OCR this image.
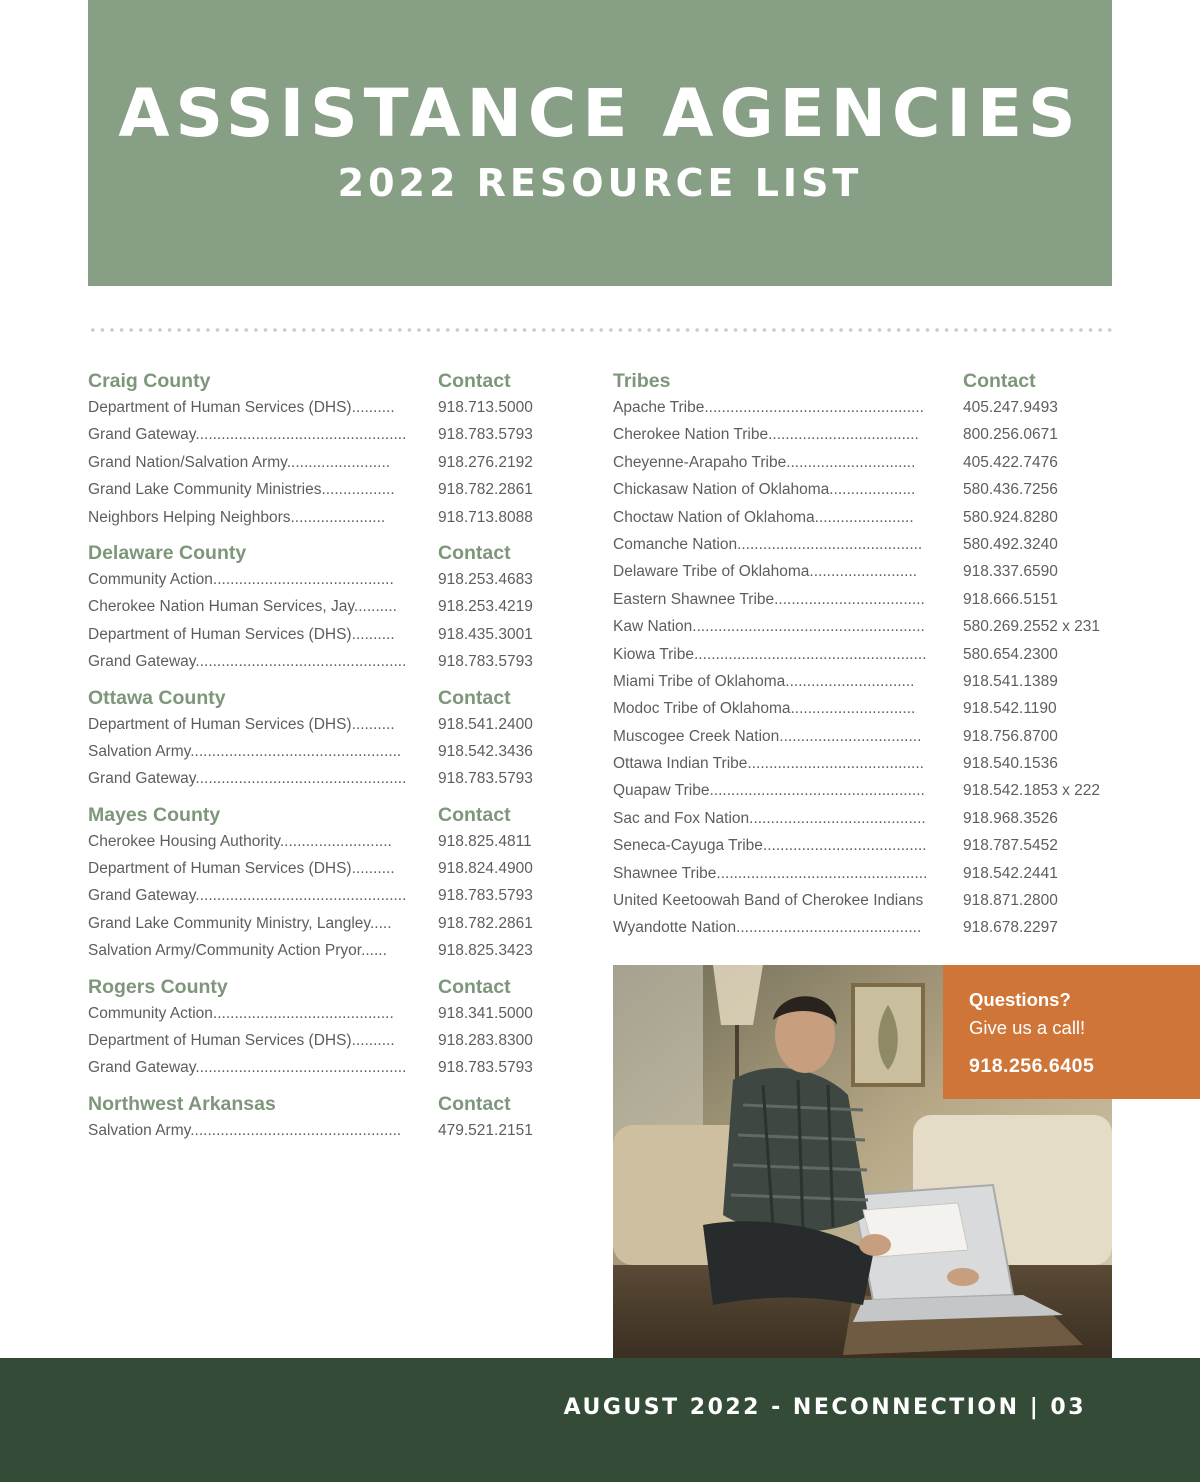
ASSISTANCE AGENCIES
2022 RESOURCE LIST
Craig County	Contact
Department of Human Services (DHS)..........	918.713.5000
Grand Gateway.................................................	918.783.5793
Grand Nation/Salvation Army........................	918.276.2192
Grand Lake Community Ministries.................	918.782.2861
Neighbors Helping Neighbors......................	918.713.8088
Delaware County	Contact
Community Action..........................................	918.253.4683
Cherokee Nation Human Services, Jay..........	918.253.4219
Department of Human Services (DHS)..........	918.435.3001
Grand Gateway.................................................	918.783.5793
Ottawa County	Contact
Department of Human Services (DHS)..........	918.541.2400
Salvation Army.................................................	918.542.3436
Grand Gateway.................................................	918.783.5793
Mayes County	Contact
Cherokee Housing Authority..........................	918.825.4811
Department of Human Services (DHS)..........	918.824.4900
Grand Gateway.................................................	918.783.5793
Grand Lake Community Ministry, Langley.....	918.782.2861
Salvation Army/Community Action Pryor......	918.825.3423
Rogers County	Contact
Community Action..........................................	918.341.5000
Department of Human Services (DHS)..........	918.283.8300
Grand Gateway.................................................	918.783.5793
Northwest Arkansas	Contact
Salvation Army.................................................	479.521.2151
Tribes	Contact
Apache Tribe...................................................	405.247.9493
Cherokee Nation Tribe...................................	800.256.0671
Cheyenne-Arapaho Tribe..............................	405.422.7476
Chickasaw Nation of Oklahoma....................	580.436.7256
Choctaw Nation of Oklahoma.......................	580.924.8280
Comanche Nation...........................................	580.492.3240
Delaware Tribe of Oklahoma.........................	918.337.6590
Eastern Shawnee Tribe...................................	918.666.5151
Kaw Nation......................................................	580.269.2552 x 231
Kiowa Tribe......................................................	580.654.2300
Miami Tribe of Oklahoma..............................	918.541.1389
Modoc Tribe of Oklahoma.............................	918.542.1190
Muscogee Creek Nation.................................	918.756.8700
Ottawa Indian Tribe.........................................	918.540.1536
Quapaw Tribe..................................................	918.542.1853 x 222
Sac and Fox Nation.........................................	918.968.3526
Seneca-Cayuga Tribe......................................	918.787.5452
Shawnee Tribe.................................................	918.542.2441
United Keetoowah Band of Cherokee Indians	918.871.2800
Wyandotte Nation...........................................	918.678.2297
Questions?
Give us a call!
918.256.6405
AUGUST 2022 - NECONNECTION | 03
